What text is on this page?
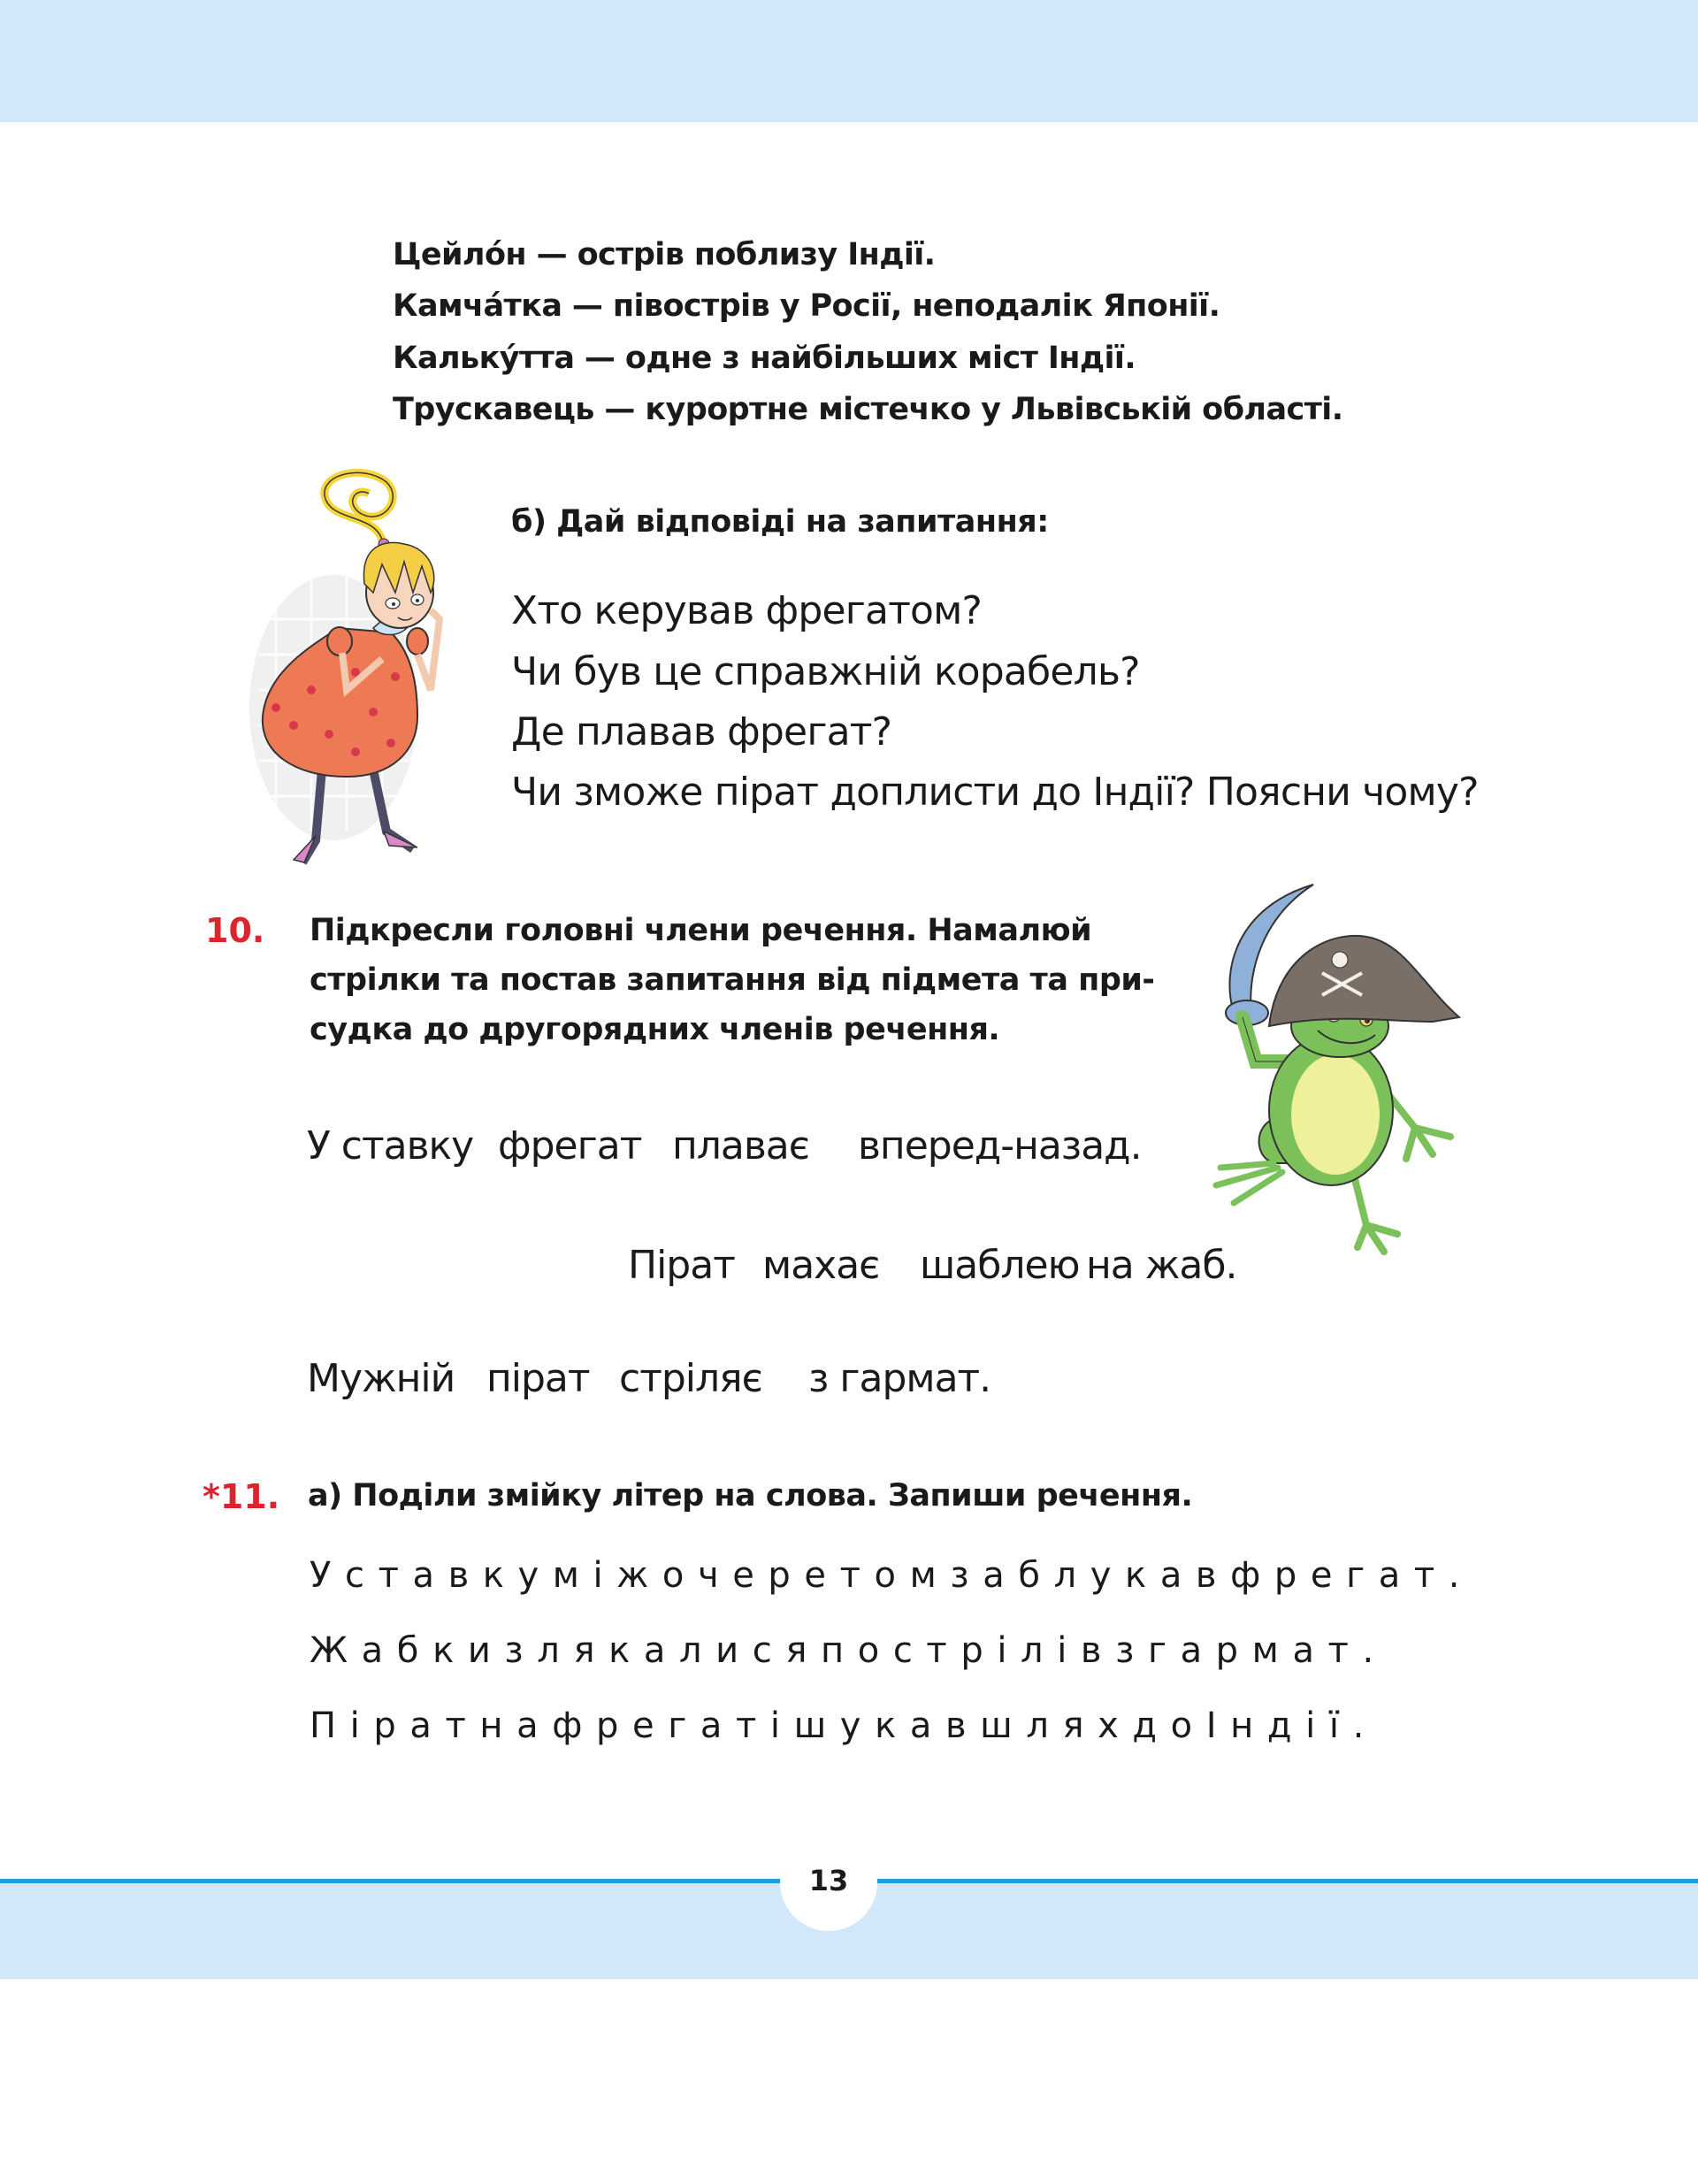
Цейло́н — острів поблизу Індії.
Камча́тка — півострів у Росії, неподалік Японії.
Кальку́тта — одне з найбільших міст Індії.
Трускавець — курортне містечко у Львівській області.
б) Дай відповіді на запитання:
Хто керував фрегатом?
Чи був це справжній корабель?
Де плавав фрегат?
Чи зможе пірат доплисти до Індії? Поясни чому?
10. Підкресли головні члени речення. Намалюй
стрілки та постав запитання від підмета та при-
судка до другорядних членів речення.
У ставку фрегат плаває вперед-назад.
Пірат махає шаблею на жаб.
Мужній пірат стріляє з гармат.
*11. а) Поділи змійку літер на слова. Запиши речення.
Уставкуміжочеретомзаблукавфрегат.
Жабкизлякалисяпострілівзгармат.
ПіратнафрегатішукавшляхдоІндії.
13
